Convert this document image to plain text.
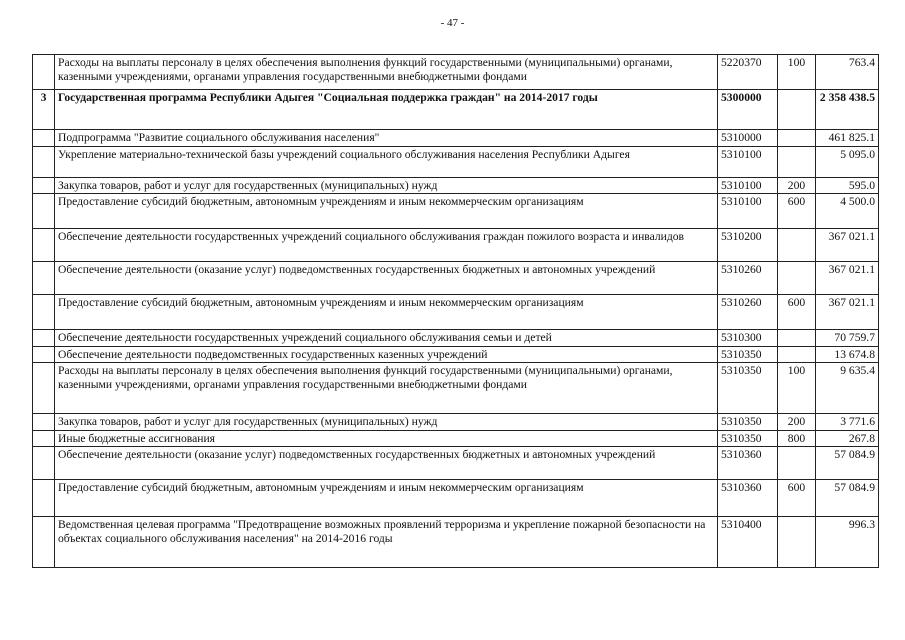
- 47 -
	Расходы на выплаты персоналу в целях обеспечения выполнения функций государственными (муниципальными) органами, казенными учреждениями, органами управления государственными внебюджетными фондами	5220370	100	763.4
3	Государственная программа Республики Адыгея "Социальная поддержка граждан" на 2014-2017 годы	5300000		2 358 438.5
	Подпрограмма "Развитие социального обслуживания населения"	5310000		461 825.1
	Укрепление материально-технической базы учреждений социального обслуживания населения Республики Адыгея	5310100		5 095.0
	Закупка товаров, работ и услуг для государственных (муниципальных) нужд	5310100	200	595.0
	Предоставление субсидий бюджетным, автономным учреждениям и иным некоммерческим организациям	5310100	600	4 500.0
	Обеспечение деятельности государственных учреждений социального обслуживания граждан пожилого возраста и инвалидов	5310200		367 021.1
	Обеспечение деятельности (оказание услуг) подведомственных государственных бюджетных и автономных учреждений	5310260		367 021.1
	Предоставление субсидий бюджетным, автономным учреждениям и иным некоммерческим организациям	5310260	600	367 021.1
	Обеспечение деятельности государственных учреждений социального обслуживания семьи и детей	5310300		70 759.7
	Обеспечение деятельности подведомственных государственных казенных учреждений	5310350		13 674.8
	Расходы на выплаты персоналу в целях обеспечения выполнения функций государственными (муниципальными) органами, казенными учреждениями, органами управления государственными внебюджетными фондами	5310350	100	9 635.4
	Закупка товаров, работ и услуг для государственных (муниципальных) нужд	5310350	200	3 771.6
	Иные бюджетные ассигнования	5310350	800	267.8
	Обеспечение деятельности (оказание услуг) подведомственных государственных бюджетных и автономных учреждений	5310360		57 084.9
	Предоставление субсидий бюджетным, автономным учреждениям и иным некоммерческим организациям	5310360	600	57 084.9
	Ведомственная целевая программа "Предотвращение возможных проявлений терроризма и укрепление пожарной безопасности на объектах социального обслуживания населения" на 2014-2016 годы	5310400		996.3
